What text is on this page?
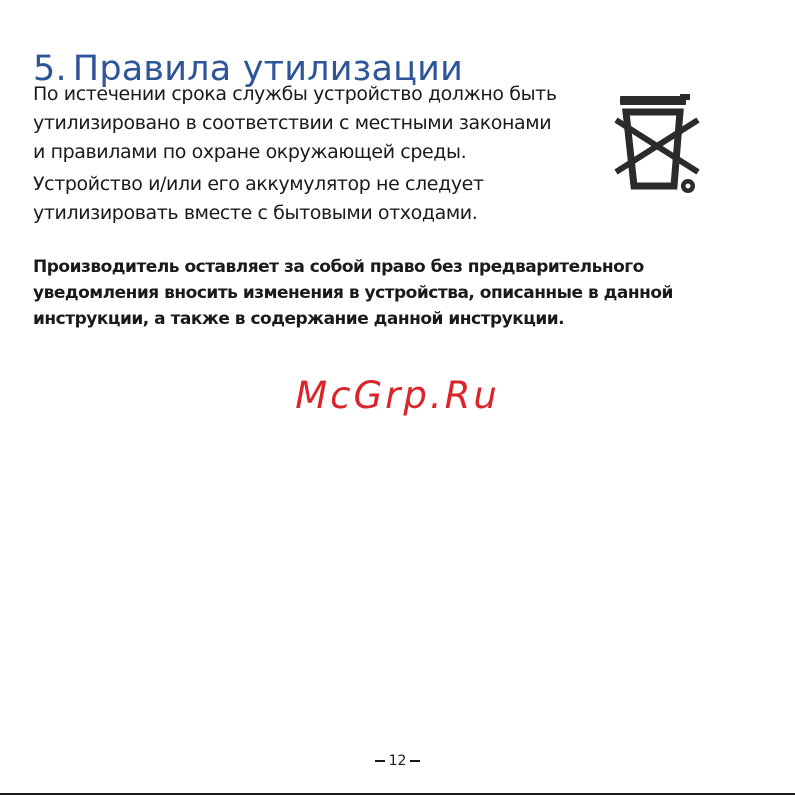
5. Правила утилизации

По истечении срока службы устройство должно быть
утилизировано в соответствии с местными законами
и правилами по охране окружающей среды.

Устройство и/или его аккумулятор не следует
утилизировать вместе с бытовыми отходами.

Производитель оставляет за собой право без предварительного
уведомления вносить изменения в устройства, описанные в данной
инструкции, а также в содержание данной инструкции.

McGrp.Ru
12
